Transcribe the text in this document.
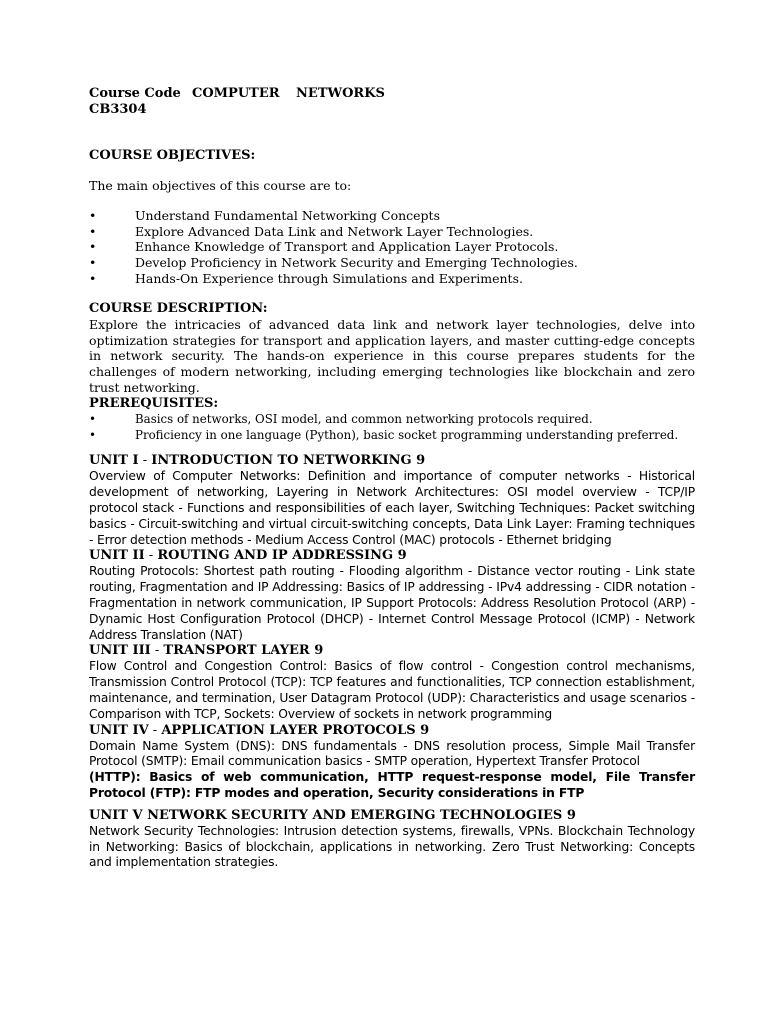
Course Code COMPUTER	NETWORKS
CB3304
COURSE OBJECTIVES:
The main objectives of this course are to:
•	Understand Fundamental Networking Concepts
•	Explore Advanced Data Link and Network Layer Technologies.
•	Enhance Knowledge of Transport and Application Layer Protocols.
•	Develop Proficiency in Network Security and Emerging Technologies.
•	Hands-On Experience through Simulations and Experiments.
COURSE DESCRIPTION:
Explore the intricacies of advanced data link and network layer technologies, delve into optimization strategies for transport and application layers, and master cutting-edge concepts in network security. The hands-on experience in this course prepares students for the challenges of modern networking, including emerging technologies like blockchain and zero trust networking.
PREREQUISITES:
•	Basics of networks, OSI model, and common networking protocols required.
•	Proficiency in one language (Python), basic socket programming understanding preferred.
UNIT I - INTRODUCTION TO NETWORKING 9
Overview of Computer Networks: Definition and importance of computer networks - Historical development of networking, Layering in Network Architectures: OSI model overview - TCP/IP protocol stack - Functions and responsibilities of each layer, Switching Techniques: Packet switching basics - Circuit-switching and virtual circuit-switching concepts, Data Link Layer: Framing techniques - Error detection methods - Medium Access Control (MAC) protocols - Ethernet bridging
UNIT II - ROUTING AND IP ADDRESSING 9
Routing Protocols: Shortest path routing - Flooding algorithm - Distance vector routing - Link state routing, Fragmentation and IP Addressing: Basics of IP addressing - IPv4 addressing - CIDR notation - Fragmentation in network communication, IP Support Protocols: Address Resolution Protocol (ARP) - Dynamic Host Configuration Protocol (DHCP) - Internet Control Message Protocol (ICMP) - Network Address Translation (NAT)
UNIT III - TRANSPORT LAYER 9
Flow Control and Congestion Control: Basics of flow control - Congestion control mechanisms, Transmission Control Protocol (TCP): TCP features and functionalities, TCP connection establishment, maintenance, and termination, User Datagram Protocol (UDP): Characteristics and usage scenarios - Comparison with TCP, Sockets: Overview of sockets in network programming
UNIT IV - APPLICATION LAYER PROTOCOLS 9
Domain Name System (DNS): DNS fundamentals - DNS resolution process, Simple Mail Transfer Protocol (SMTP): Email communication basics - SMTP operation, Hypertext Transfer Protocol
(HTTP): Basics of web communication, HTTP request-response model, File Transfer Protocol (FTP): FTP modes and operation, Security considerations in FTP
UNIT V NETWORK SECURITY AND EMERGING TECHNOLOGIES 9
Network Security Technologies: Intrusion detection systems, firewalls, VPNs. Blockchain Technology in Networking: Basics of blockchain, applications in networking. Zero Trust Networking: Concepts and implementation strategies.
